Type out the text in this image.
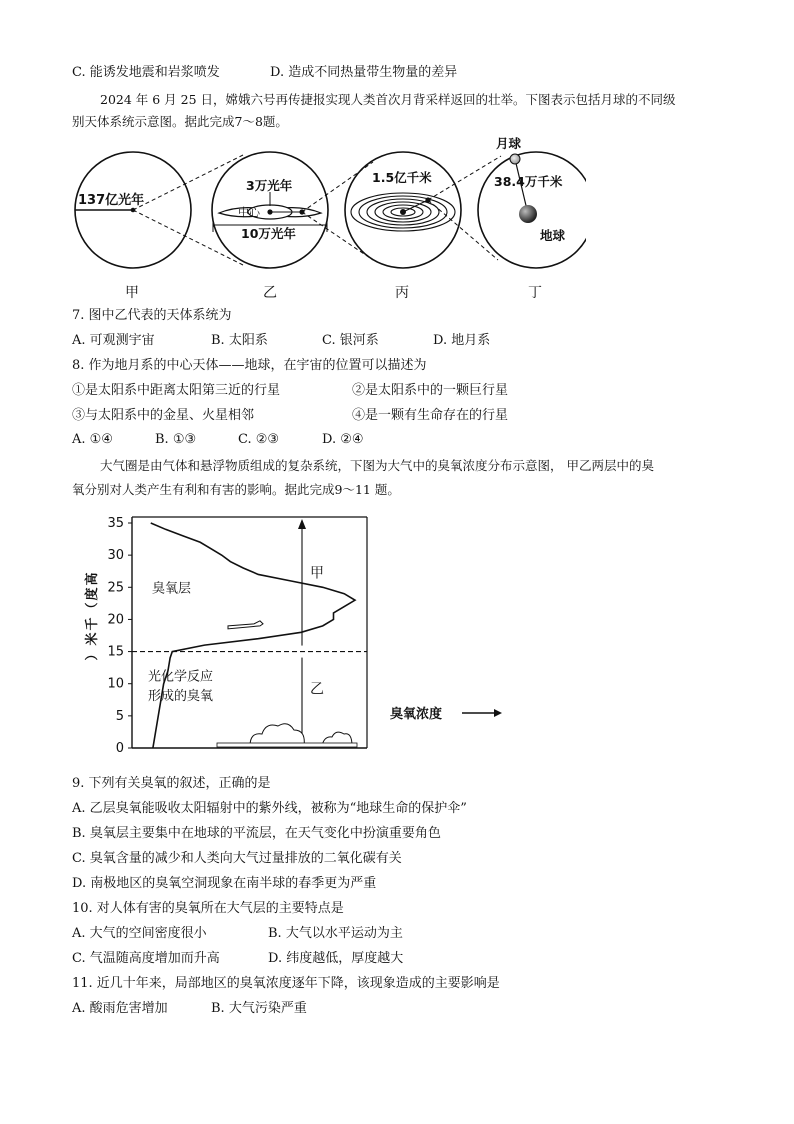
C. 能诱发地震和岩浆喷发	D. 造成不同热量带生物量的差异
2024 年 6 月 25 日，嫦娥六号再传捷报实现人类首次月背采样返回的壮举。下图表示包括月球的不同级
别天体系统示意图。据此完成7～8题。
137亿光年
甲
3万光年
中心
10万光年
乙
1.5亿千米
丙
月球
38.4万千米
地球
丁
7. 图中乙代表的天体系统为
A. 可观测宇宙	B. 太阳系	C. 银河系	D. 地月系
8. 作为地月系的中心天体——地球，在宇宙的位置可以描述为
①是太阳系中距离太阳第三近的行星	②是太阳系中的一颗巨行星
③与太阳系中的金星、火星相邻	④是一颗有生命存在的行星
A. ①④	B. ①③	C. ②③	D. ②④
大气圈是由气体和悬浮物质组成的复杂系统，下图为大气中的臭氧浓度分布示意图， 甲乙两层中的臭
氧分别对人类产生有利和有害的影响。据此完成9～11 题。
0
5
10
15
20
25
30
35
高
度
（
千
米
）
甲
乙
臭氧层
光化学反应
形成的臭氧
臭氧浓度
9. 下列有关臭氧的叙述，正确的是
A. 乙层臭氧能吸收太阳辐射中的紫外线，被称为“地球生命的保护伞”
B. 臭氧层主要集中在地球的平流层，在天气变化中扮演重要角色
C. 臭氧含量的减少和人类向大气过量排放的二氧化碳有关
D. 南极地区的臭氧空洞现象在南半球的春季更为严重
10. 对人体有害的臭氧所在大气层的主要特点是
A. 大气的空间密度很小	B. 大气以水平运动为主
C. 气温随高度增加而升高	D. 纬度越低，厚度越大
11. 近几十年来，局部地区的臭氧浓度逐年下降，该现象造成的主要影响是
A. 酸雨危害增加	B. 大气污染严重
